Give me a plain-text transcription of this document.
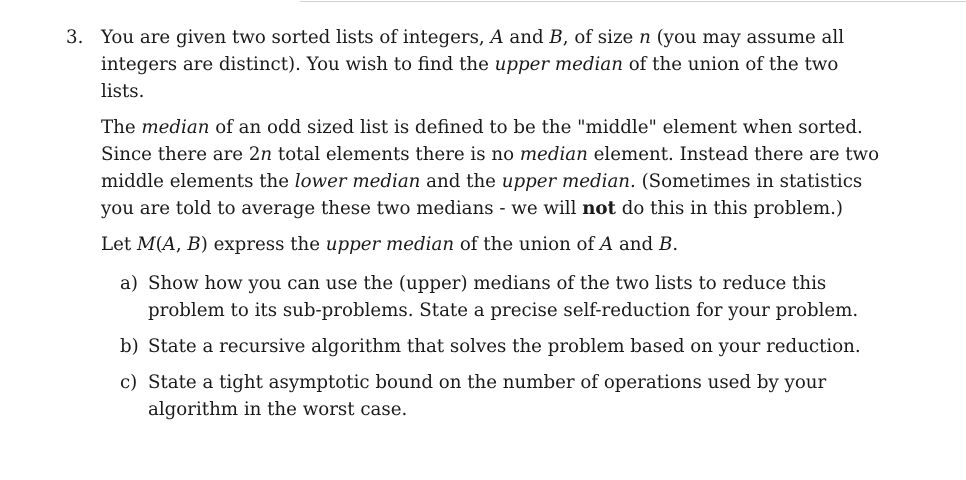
3. You are given two sorted lists of integers, A and B, of size n (you may assume all integers are distinct). You wish to find the upper median of the union of the two lists.

The median of an odd sized list is defined to be the "middle" element when sorted. Since there are 2n total elements there is no median element. Instead there are two middle elements the lower median and the upper median. (Sometimes in statistics you are told to average these two medians - we will not do this in this problem.)

Let M(A, B) express the upper median of the union of A and B.

a) Show how you can use the (upper) medians of the two lists to reduce this problem to its sub-problems. State a precise self-reduction for your problem.
b) State a recursive algorithm that solves the problem based on your reduction.
c) State a tight asymptotic bound on the number of operations used by your algorithm in the worst case.
